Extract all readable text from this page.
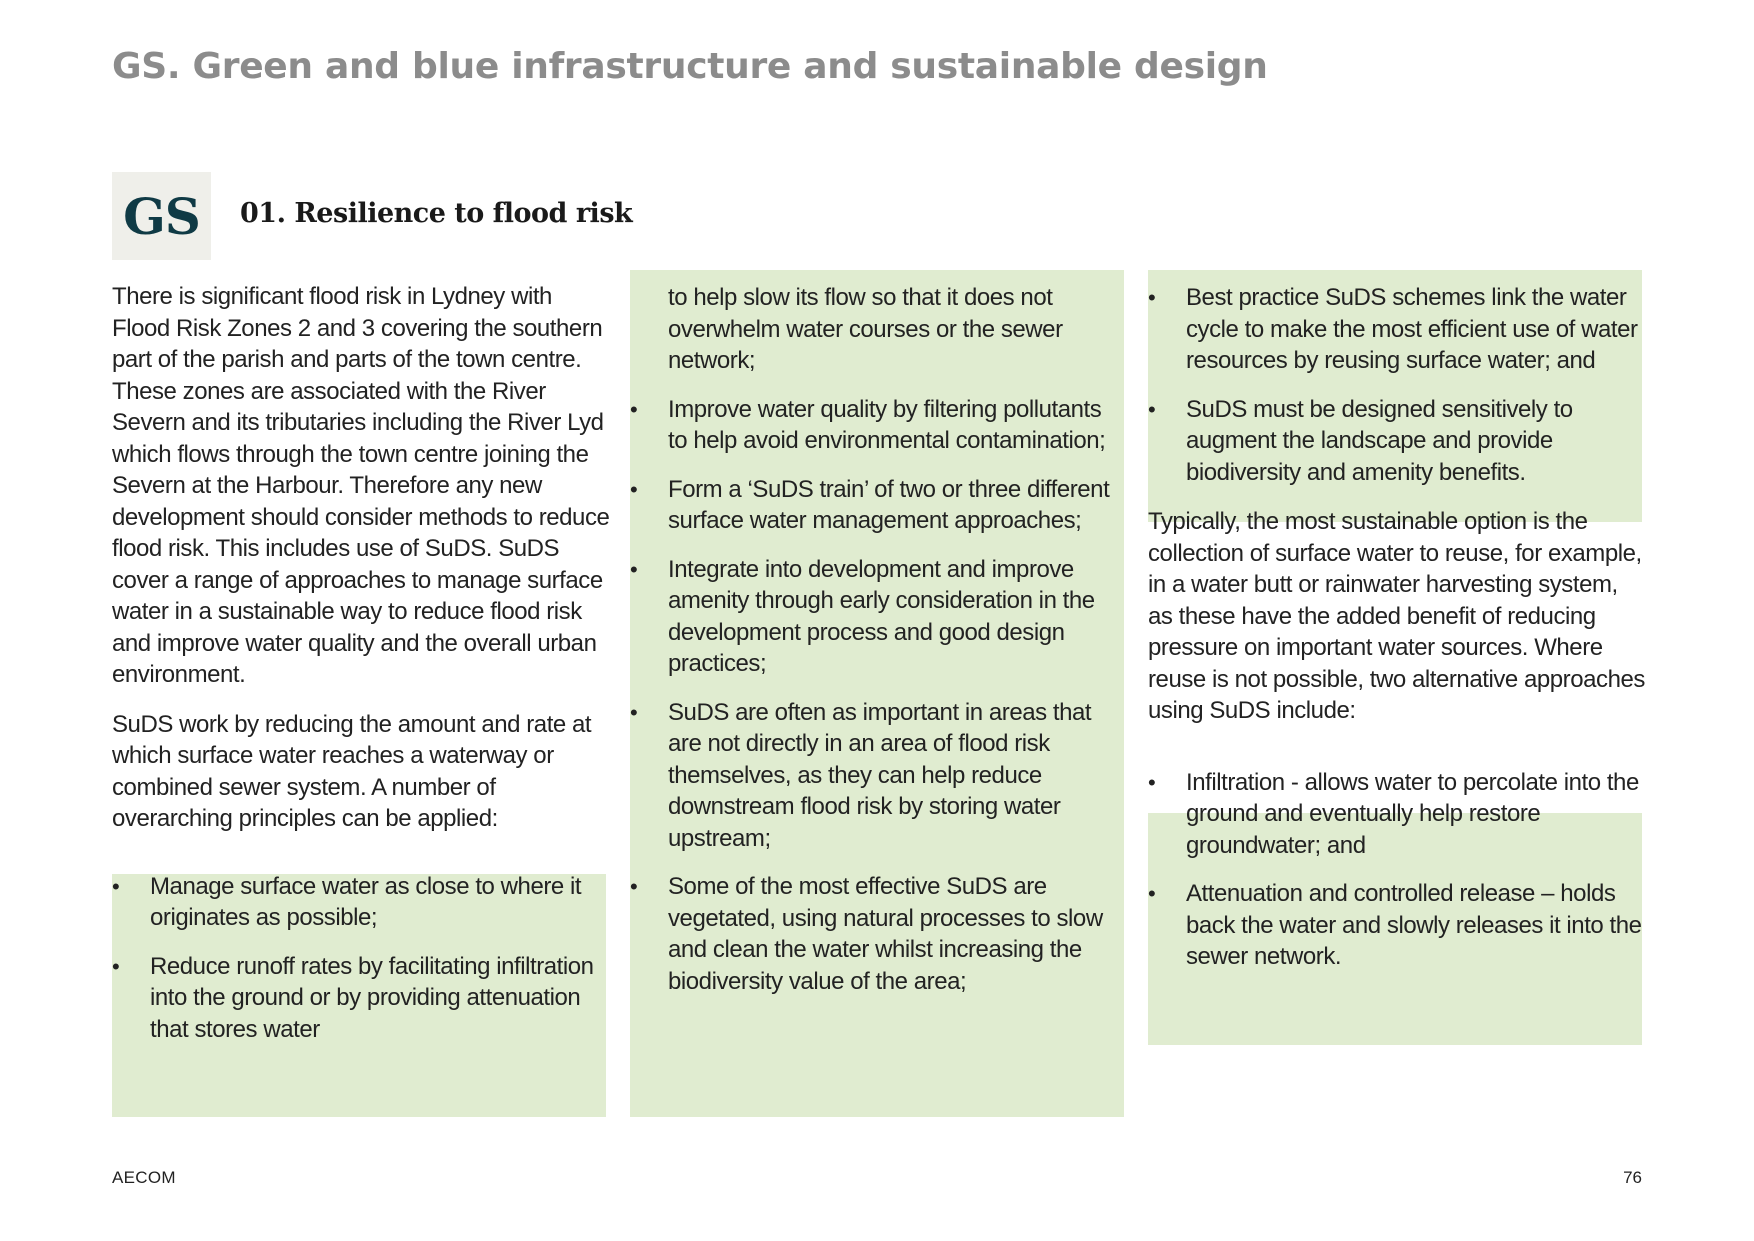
GS. Green and blue infrastructure and sustainable design
GS	01. Resilience to flood risk

There is significant flood risk in Lydney with Flood Risk Zones 2 and 3 covering the southern part of the parish and parts of the town centre. These zones are associated with the River Severn and its tributaries including the River Lyd which flows through the town centre joining the Severn at the Harbour. Therefore any new development should consider methods to reduce flood risk. This includes use of SuDS. SuDS cover a range of approaches to manage surface water in a sustainable way to reduce flood risk and improve water quality and the overall urban environment.

SuDS work by reducing the amount and rate at which surface water reaches a waterway or combined sewer system. A number of overarching principles can be applied:

• Manage surface water as close to where it originates as possible;
• Reduce runoff rates by facilitating infiltration into the ground or by providing attenuation that stores water
to help slow its flow so that it does not overwhelm water courses or the sewer network;
• Improve water quality by filtering pollutants to help avoid environmental contamination;
• Form a ‘SuDS train’ of two or three different surface water management approaches;
• Integrate into development and improve amenity through early consideration in the development process and good design practices;
• SuDS are often as important in areas that are not directly in an area of flood risk themselves, as they can help reduce downstream flood risk by storing water upstream;
• Some of the most effective SuDS are vegetated, using natural processes to slow and clean the water whilst increasing the biodiversity value of the area;
• Best practice SuDS schemes link the water cycle to make the most efficient use of water resources by reusing surface water; and
• SuDS must be designed sensitively to augment the landscape and provide biodiversity and amenity benefits.

Typically, the most sustainable option is the collection of surface water to reuse, for example, in a water butt or rainwater harvesting system, as these have the added benefit of reducing pressure on important water sources. Where reuse is not possible, two alternative approaches using SuDS include:

• Infiltration - allows water to percolate into the ground and eventually help restore groundwater; and
• Attenuation and controlled release – holds back the water and slowly releases it into the sewer network.
AECOM	76
